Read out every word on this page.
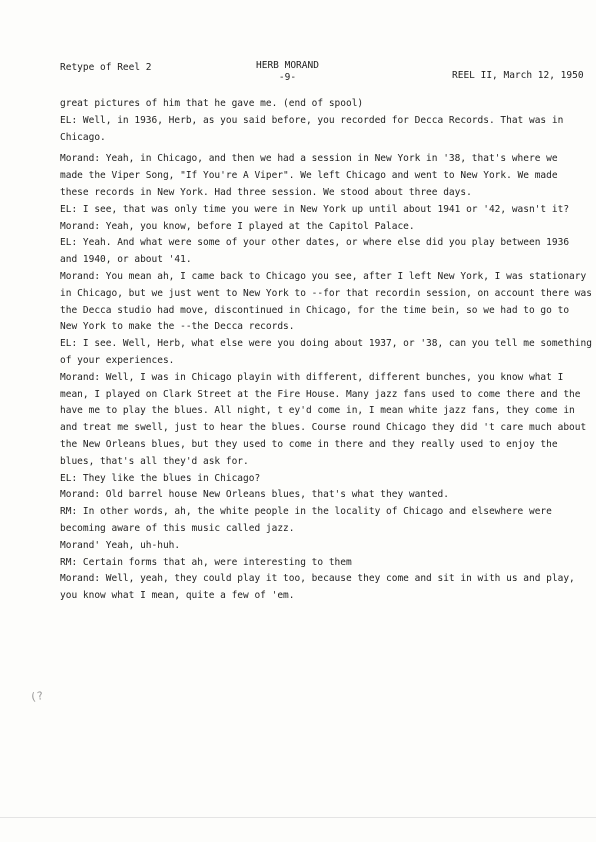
Retype of Reel 2	HERB MORAND
-9-	REEL II, March 12, 1950
great pictures of him that he gave me. (end of spool)
EL: Well, in 1936, Herb, as you said before, you recorded for Decca Records. That was in
Chicago.
Morand: Yeah, in Chicago, and then we had a session in New York in '38, that's where we
made the Viper Song, "If You're A Viper". We left Chicago and went to New York. We made
these records in New York. Had three session. We stood about three days.
EL: I see, that was only time you were in New York up until about 1941 or '42, wasn't it?
Morand: Yeah, you know, before I played at the Capitol Palace.
EL: Yeah. And what were some of your other dates, or where else did you play between 1936
and 1940, or about '41.
Morand: You mean ah, I came back to Chicago you see, after I left New York, I was stationary
in Chicago, but we just went to New York to --for that recordin session, on account there was
the Decca studio had move, discontinued in Chicago, for the time bein, so we had to go to
New York to make the --the Decca records.
EL: I see. Well, Herb, what else were you doing about 1937, or '38, can you tell me something
of your experiences.
Morand: Well, I was in Chicago playin with different, different bunches, you know what I
mean, I played on Clark Street at the Fire House. Many jazz fans used to come there and the
have me to play the blues. All night, t ey'd come in, I mean white jazz fans, they come in
and treat me swell, just to hear the blues. Course round Chicago they did 't care much about
the New Orleans blues, but they used to come in there and they really used to enjoy the
blues, that's all they'd ask for.
EL: They like the blues in Chicago?
Morand: Old barrel house New Orleans blues, that's what they wanted.
RM: In other words, ah, the white people in the locality of Chicago and elsewhere were
becoming aware of this music called jazz.
Morand' Yeah, uh-huh.
RM: Certain forms that ah, were interesting to them
Morand: Well, yeah, they could play it too, because they come and sit in with us and play,
you know what I mean, quite a few of 'em.
(?
